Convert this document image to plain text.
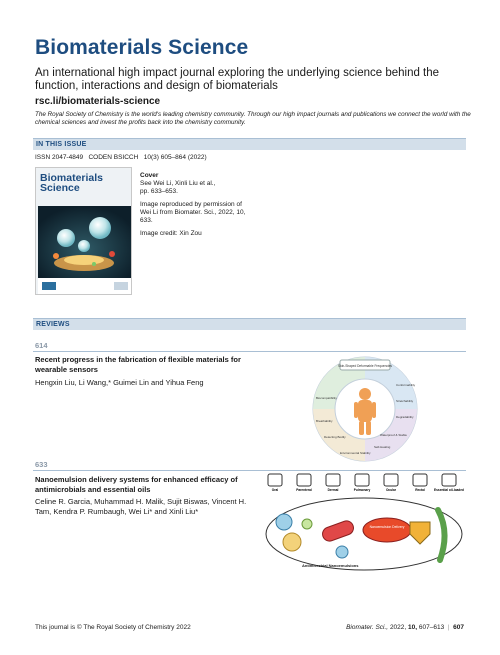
Biomaterials Science
An international high impact journal exploring the underlying science behind the function, interactions and design of biomaterials
rsc.li/biomaterials-science
The Royal Society of Chemistry is the world's leading chemistry community. Through our high impact journals and publications we connect the world with the chemical sciences and invest the profits back into the chemistry community.
IN THIS ISSUE
ISSN 2047-4849   CODEN BSICCH   10(3) 605–864 (2022)
Biomaterials Science

Cover
See Wei Li, Xinli Liu et al.,
pp. 633–653.

Image reproduced by permission of Wei Li from Biomater. Sci., 2022, 10, 633.

Image credit: Xin Zou

REVIEWS
614
Recent progress in the fabrication of flexible materials for wearable sensors
Hengxin Liu, Li Wang,* Guimei Lin and Yihua Feng
Skin-Shaped Deformable Frequencies
Conformability
Biocompatibility
Breathability
Stretchability
Detecting Bodily
Degradability
Environmental Stability
Self-Healing
Waterproof & Stable
633
Nanoemulsion delivery systems for enhanced efficacy of antimicrobials and essential oils
Celine R. Garcia, Muhammad H. Malik, Sujit Biswas, Vincent H. Tam, Kendra P. Rumbaugh, Wei Li* and Xinli Liu*
Oral	Parenteral	Dermal	Pulmonary	Ocular	Rectal	Essential oil-loaded
Nanoemulsion Delivery
Antimicrobial Nanoemulsions
This journal is © The Royal Society of Chemistry 2022	Biomater. Sci., 2022, 10, 607–613  |  607
